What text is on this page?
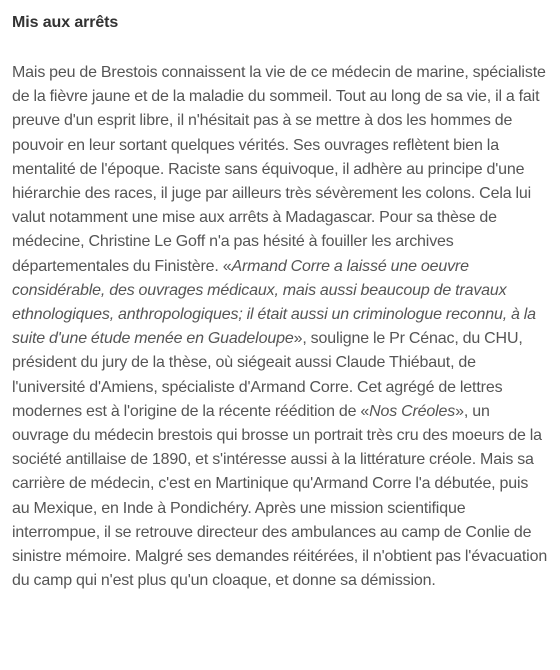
Mis aux arrêts

Mais peu de Brestois connaissent la vie de ce médecin de marine, spécialiste de la fièvre jaune et de la maladie du sommeil. Tout au long de sa vie, il a fait preuve d'un esprit libre, il n'hésitait pas à se mettre à dos les hommes de pouvoir en leur sortant quelques vérités. Ses ouvrages reflètent bien la mentalité de l'époque. Raciste sans équivoque, il adhère au principe d'une hiérarchie des races, il juge par ailleurs très sévèrement les colons. Cela lui valut notamment une mise aux arrêts à Madagascar. Pour sa thèse de médecine, Christine Le Goff n'a pas hésité à fouiller les archives départementales du Finistère. «Armand Corre a laissé une oeuvre considérable, des ouvrages médicaux, mais aussi beaucoup de travaux ethnologiques, anthropologiques; il était aussi un criminologue reconnu, à la suite d'une étude menée en Guadeloupe», souligne le Pr Cénac, du CHU, président du jury de la thèse, où siégeait aussi Claude Thiébaut, de l'université d'Amiens, spécialiste d'Armand Corre. Cet agrégé de lettres modernes est à l'origine de la récente réédition de «Nos Créoles», un ouvrage du médecin brestois qui brosse un portrait très cru des moeurs de la société antillaise de 1890, et s'intéresse aussi à la littérature créole. Mais sa carrière de médecin, c'est en Martinique qu'Armand Corre l'a débutée, puis au Mexique, en Inde à Pondichéry. Après une mission scientifique interrompue, il se retrouve directeur des ambulances au camp de Conlie de sinistre mémoire. Malgré ses demandes réitérées, il n'obtient pas l'évacuation du camp qui n'est plus qu'un cloaque, et donne sa démission.
